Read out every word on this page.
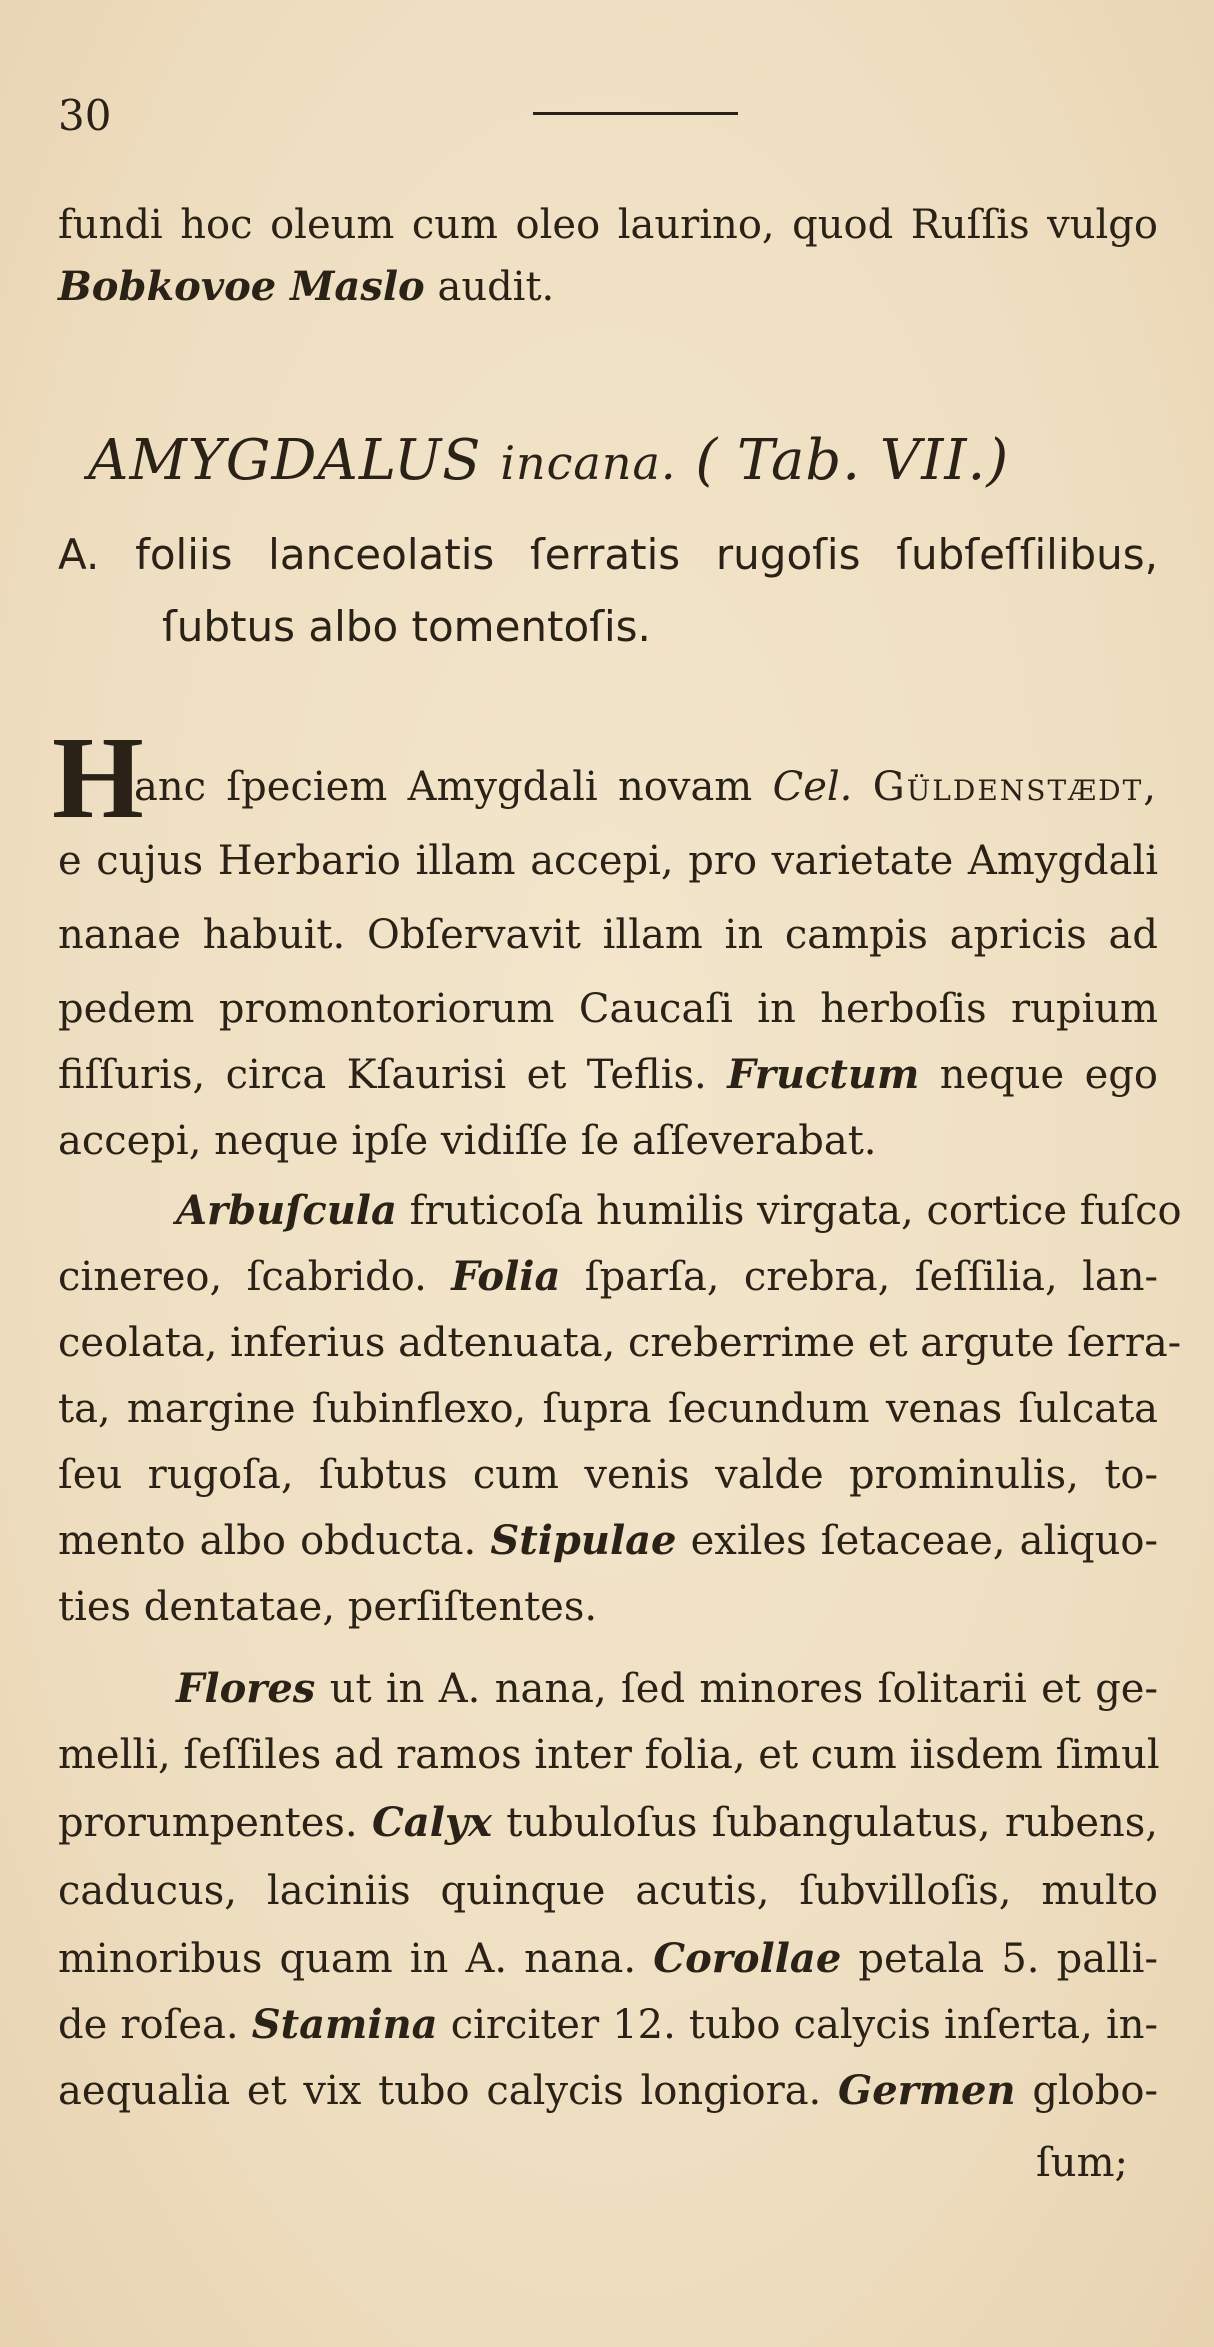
30
fundi hoc oleum cum oleo laurino, quod Ruſſis vulgo
Bobkovoe Maslo audit.
AMYGDALUS incana. ( Tab. VII.)
A. foliis lanceolatis ſerratis rugoſis ſubſeſſilibus,
ſubtus albo tomentoſis.
H
anc ſpeciem Amygdali novam Cel. Güldenstædt,
e cujus Herbario illam accepi, pro varietate Amygdali
nanae habuit. Obſervavit illam in campis apricis ad
pedem promontoriorum Caucaſi in herboſis rupium
fiſſuris, circa Kſaurisi et Teflis. Fructum neque ego
accepi, neque ipſe vidiſſe ſe aſſeverabat.
Arbuſcula fruticoſa humilis virgata, cortice fuſco
cinereo, ſcabrido. Folia ſparſa, crebra, ſeſſilia, lan-
ceolata, inferius adtenuata, creberrime et argute ſerra-
ta, margine ſubinflexo, ſupra ſecundum venas ſulcata
ſeu rugoſa, ſubtus cum venis valde prominulis, to-
mento albo obducta. Stipulae exiles ſetaceae, aliquo-
ties dentatae, perſiſtentes.
Flores ut in A. nana, ſed minores ſolitarii et ge-
melli, ſeſſiles ad ramos inter folia, et cum iisdem ſimul
prorumpentes. Calyx tubuloſus ſubangulatus, rubens,
caducus, laciniis quinque acutis, ſubvilloſis, multo
minoribus quam in A. nana. Corollae petala 5. palli-
de roſea. Stamina circiter 12. tubo calycis inſerta, in-
aequalia et vix tubo calycis longiora. Germen globo-
ſum;
